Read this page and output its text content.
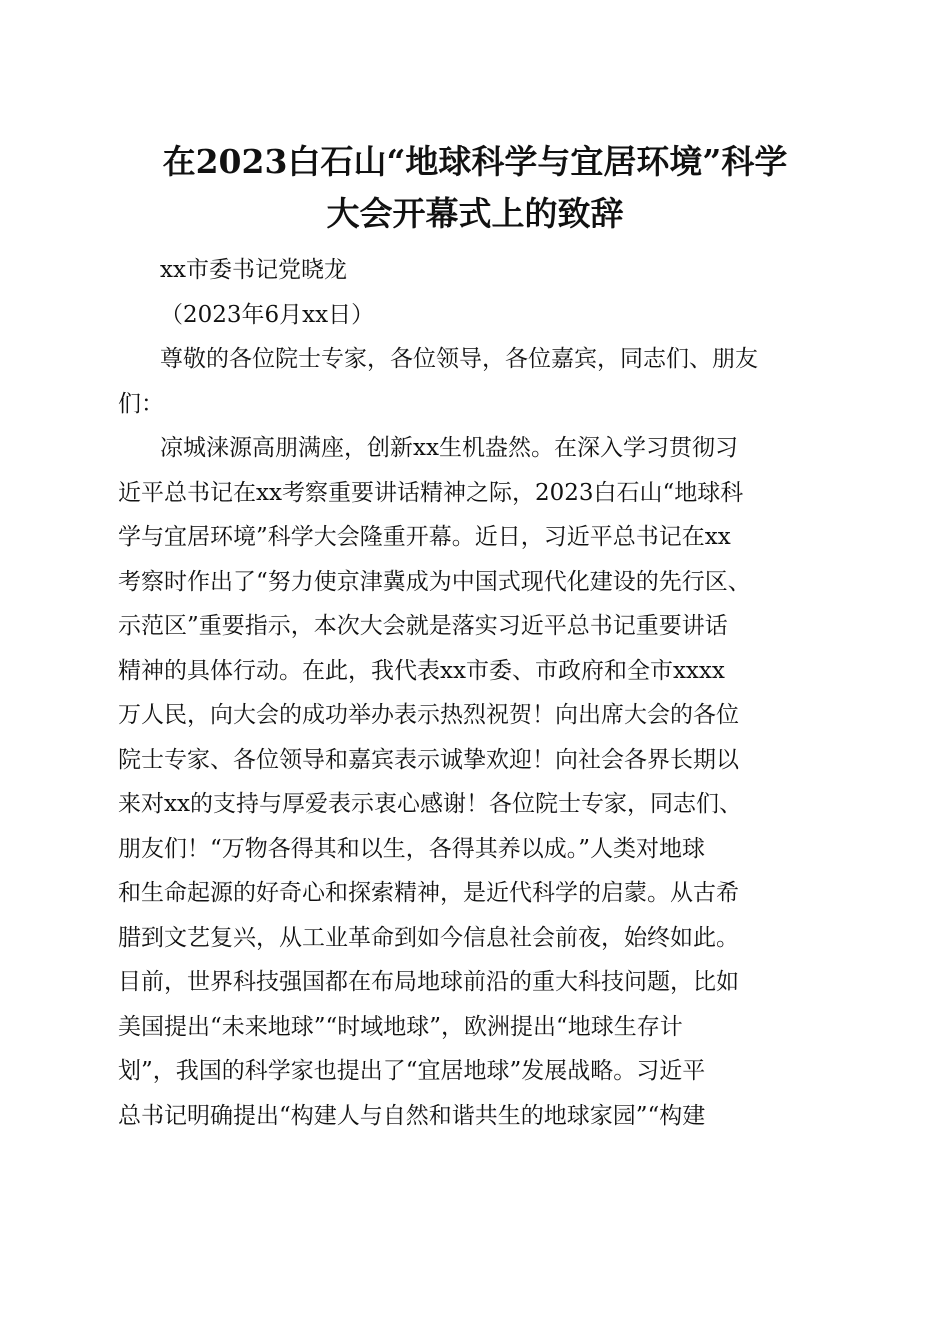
在2023白石山“地球科学与宜居环境”科学
大会开幕式上的致辞
xx市委书记党晓龙
（2023年6月xx日）
尊敬的各位院士专家，各位领导，各位嘉宾，同志们、朋友
们：
凉城涞源高朋满座，创新xx生机盎然。在深入学习贯彻习
近平总书记在xx考察重要讲话精神之际，2023白石山“地球科
学与宜居环境”科学大会隆重开幕。近日，习近平总书记在xx
考察时作出了“努力使京津冀成为中国式现代化建设的先行区、
示范区”重要指示，本次大会就是落实习近平总书记重要讲话
精神的具体行动。在此，我代表xx市委、市政府和全市xxxx
万人民，向大会的成功举办表示热烈祝贺！向出席大会的各位
院士专家、各位领导和嘉宾表示诚挚欢迎！向社会各界长期以
来对xx的支持与厚爱表示衷心感谢！各位院士专家，同志们、
朋友们！“万物各得其和以生，各得其养以成。”人类对地球
和生命起源的好奇心和探索精神，是近代科学的启蒙。从古希
腊到文艺复兴，从工业革命到如今信息社会前夜，始终如此。
目前，世界科技强国都在布局地球前沿的重大科技问题，比如
美国提出“未来地球”“时域地球”，欧洲提出“地球生存计
划”，我国的科学家也提出了“宜居地球”发展战略。习近平
总书记明确提出“构建人与自然和谐共生的地球家园”“构建
